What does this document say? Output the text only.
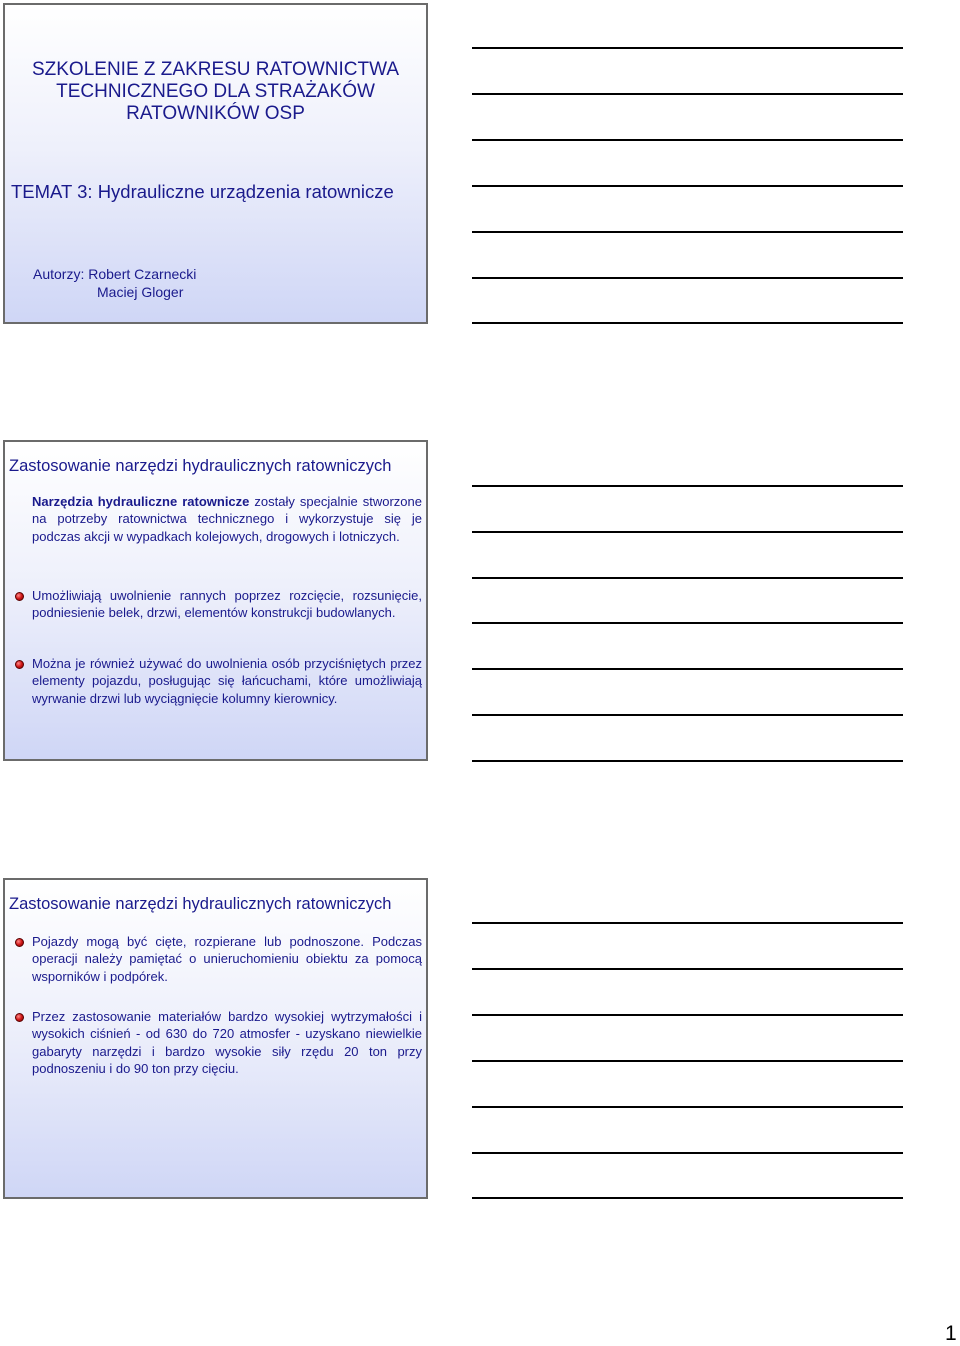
SZKOLENIE Z ZAKRESU RATOWNICTWA
TECHNICZNEGO DLA STRAŻAKÓW
RATOWNIKÓW OSP
TEMAT 3: Hydrauliczne urządzenia ratownicze
Autorzy: Robert Czarnecki
Maciej Gloger
Zastosowanie narzędzi hydraulicznych ratowniczych
Narzędzia hydrauliczne ratownicze zostały specjalnie stworzone na potrzeby ratownictwa technicznego i wykorzystuje się je podczas akcji w wypadkach kolejowych, drogowych i lotniczych.
Umożliwiają uwolnienie rannych poprzez rozcięcie, rozsunięcie, podniesienie belek, drzwi, elementów konstrukcji budowlanych.
Można je również używać do uwolnienia osób przyciśniętych przez elementy pojazdu, posługując się łańcuchami, które umożliwiają wyrwanie drzwi lub wyciągnięcie kolumny kierownicy.
Zastosowanie narzędzi hydraulicznych ratowniczych
Pojazdy mogą być cięte, rozpierane lub podnoszone. Podczas operacji należy pamiętać o unieruchomieniu obiektu za pomocą wsporników i podpórek.
Przez zastosowanie materiałów bardzo wysokiej wytrzymałości i wysokich ciśnień - od 630 do 720 atmosfer - uzyskano niewielkie gabaryty narzędzi i bardzo wysokie siły rzędu 20 ton przy podnoszeniu i do 90 ton przy cięciu.
1
